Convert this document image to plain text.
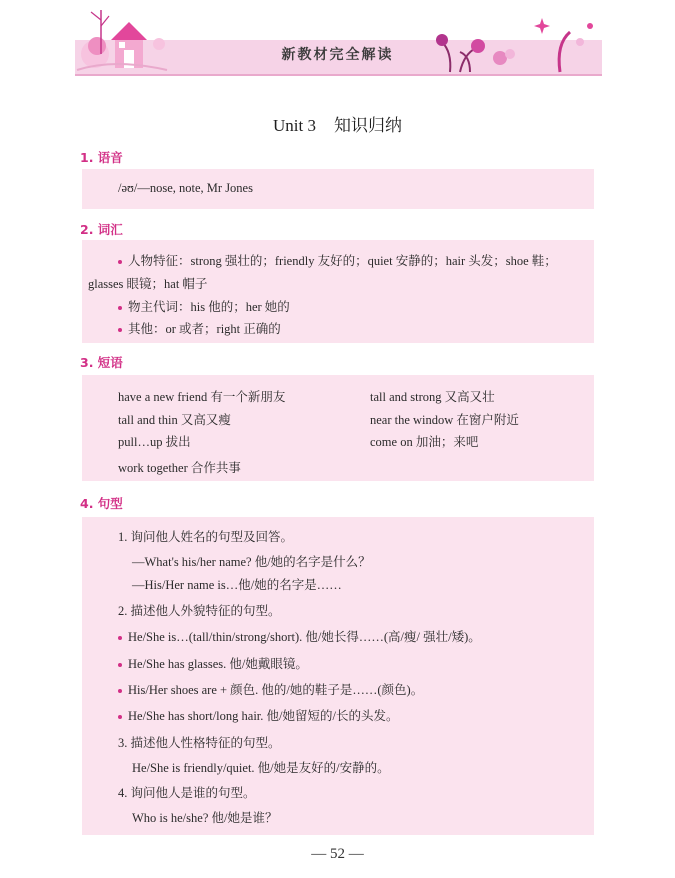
新教材完全解读
Unit 3 知识归纳
1. 语音
/əʊ/—nose, note, Mr Jones
2. 词汇
人物特征：strong 强壮的；friendly 友好的；quiet 安静的；hair 头发；shoe 鞋；
glasses 眼镜；hat 帽子
物主代词：his 他的；her 她的
其他：or 或者；right 正确的
3. 短语
have a new friend 有一个新朋友	tall and strong 又高又壮
tall and thin 又高又瘦	near the window 在窗户附近
pull…up 拔出	come on 加油；来吧
work together 合作共事
4. 句型
1. 询问他人姓名的句型及回答。
—What's his/her name? 他/她的名字是什么？
—His/Her name is…他/她的名字是……
2. 描述他人外貌特征的句型。
He/She is…(tall/thin/strong/short). 他/她长得……(高/瘦/ 强壮/矮)。
He/She has glasses. 他/她戴眼镜。
His/Her shoes are + 颜色. 他的/她的鞋子是……(颜色)。
He/She has short/long hair. 他/她留短的/长的头发。
3. 描述他人性格特征的句型。
He/She is friendly/quiet. 他/她是友好的/安静的。
4. 询问他人是谁的句型。
Who is he/she? 他/她是谁？
— 52 —
